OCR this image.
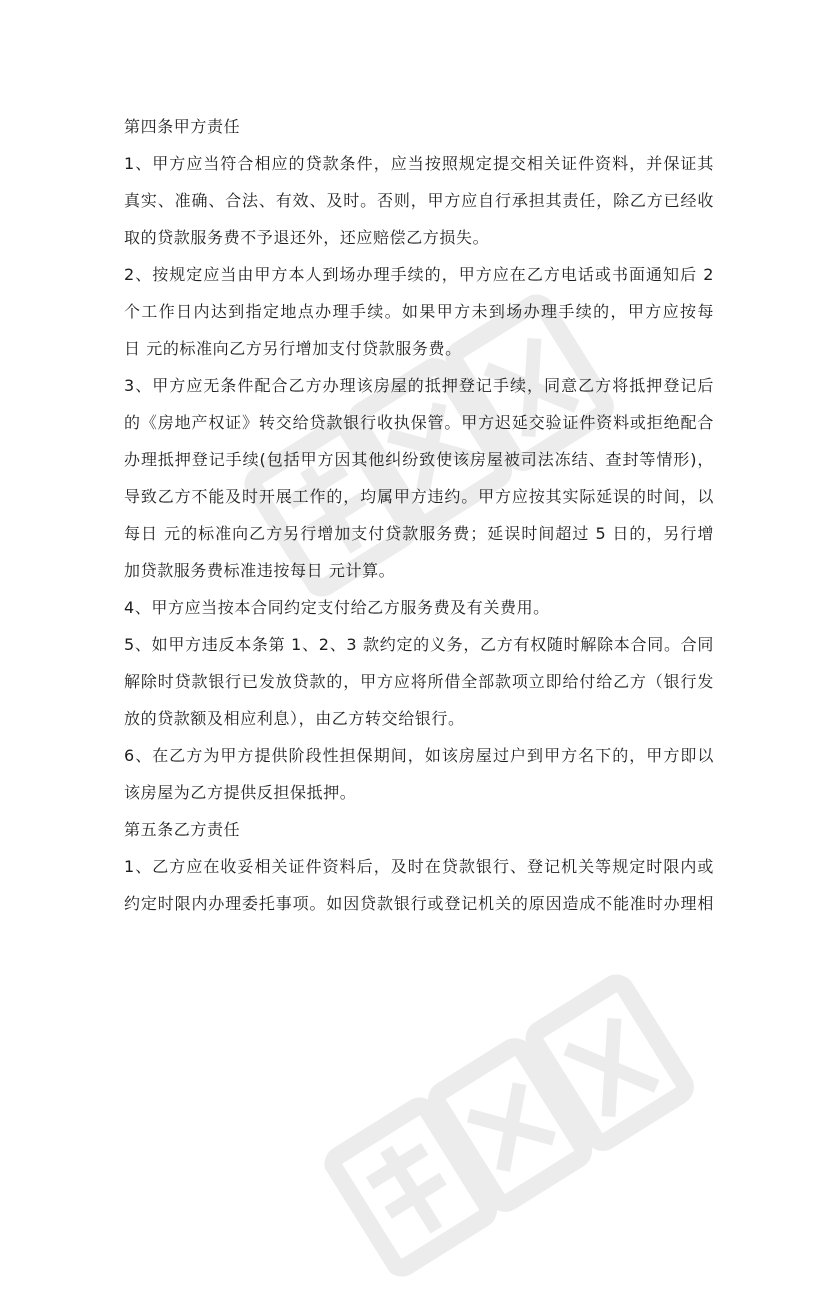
第四条甲方责任
1、甲方应当符合相应的贷款条件，应当按照规定提交相关证件资料，并保证其
真实、准确、合法、有效、及时。否则，甲方应自行承担其责任，除乙方已经收
取的贷款服务费不予退还外，还应赔偿乙方损失。
2、按规定应当由甲方本人到场办理手续的，甲方应在乙方电话或书面通知后 2
个工作日内达到指定地点办理手续。如果甲方未到场办理手续的，甲方应按每
日 元的标准向乙方另行增加支付贷款服务费。
3、甲方应无条件配合乙方办理该房屋的抵押登记手续，同意乙方将抵押登记后
的《房地产权证》转交给贷款银行收执保管。甲方迟延交验证件资料或拒绝配合
办理抵押登记手续(包括甲方因其他纠纷致使该房屋被司法冻结、查封等情形)，
导致乙方不能及时开展工作的，均属甲方违约。甲方应按其实际延误的时间，以
每日 元的标准向乙方另行增加支付贷款服务费；延误时间超过 5 日的，另行增
加贷款服务费标准违按每日 元计算。
4、甲方应当按本合同约定支付给乙方服务费及有关费用。
5、如甲方违反本条第 1、2、3 款约定的义务，乙方有权随时解除本合同。合同
解除时贷款银行已发放贷款的，甲方应将所借全部款项立即给付给乙方（银行发
放的贷款额及相应利息），由乙方转交给银行。
6、在乙方为甲方提供阶段性担保期间，如该房屋过户到甲方名下的，甲方即以
该房屋为乙方提供反担保抵押。
第五条乙方责任
1、乙方应在收妥相关证件资料后，及时在贷款银行、登记机关等规定时限内或
约定时限内办理委托事项。如因贷款银行或登记机关的原因造成不能准时办理相
